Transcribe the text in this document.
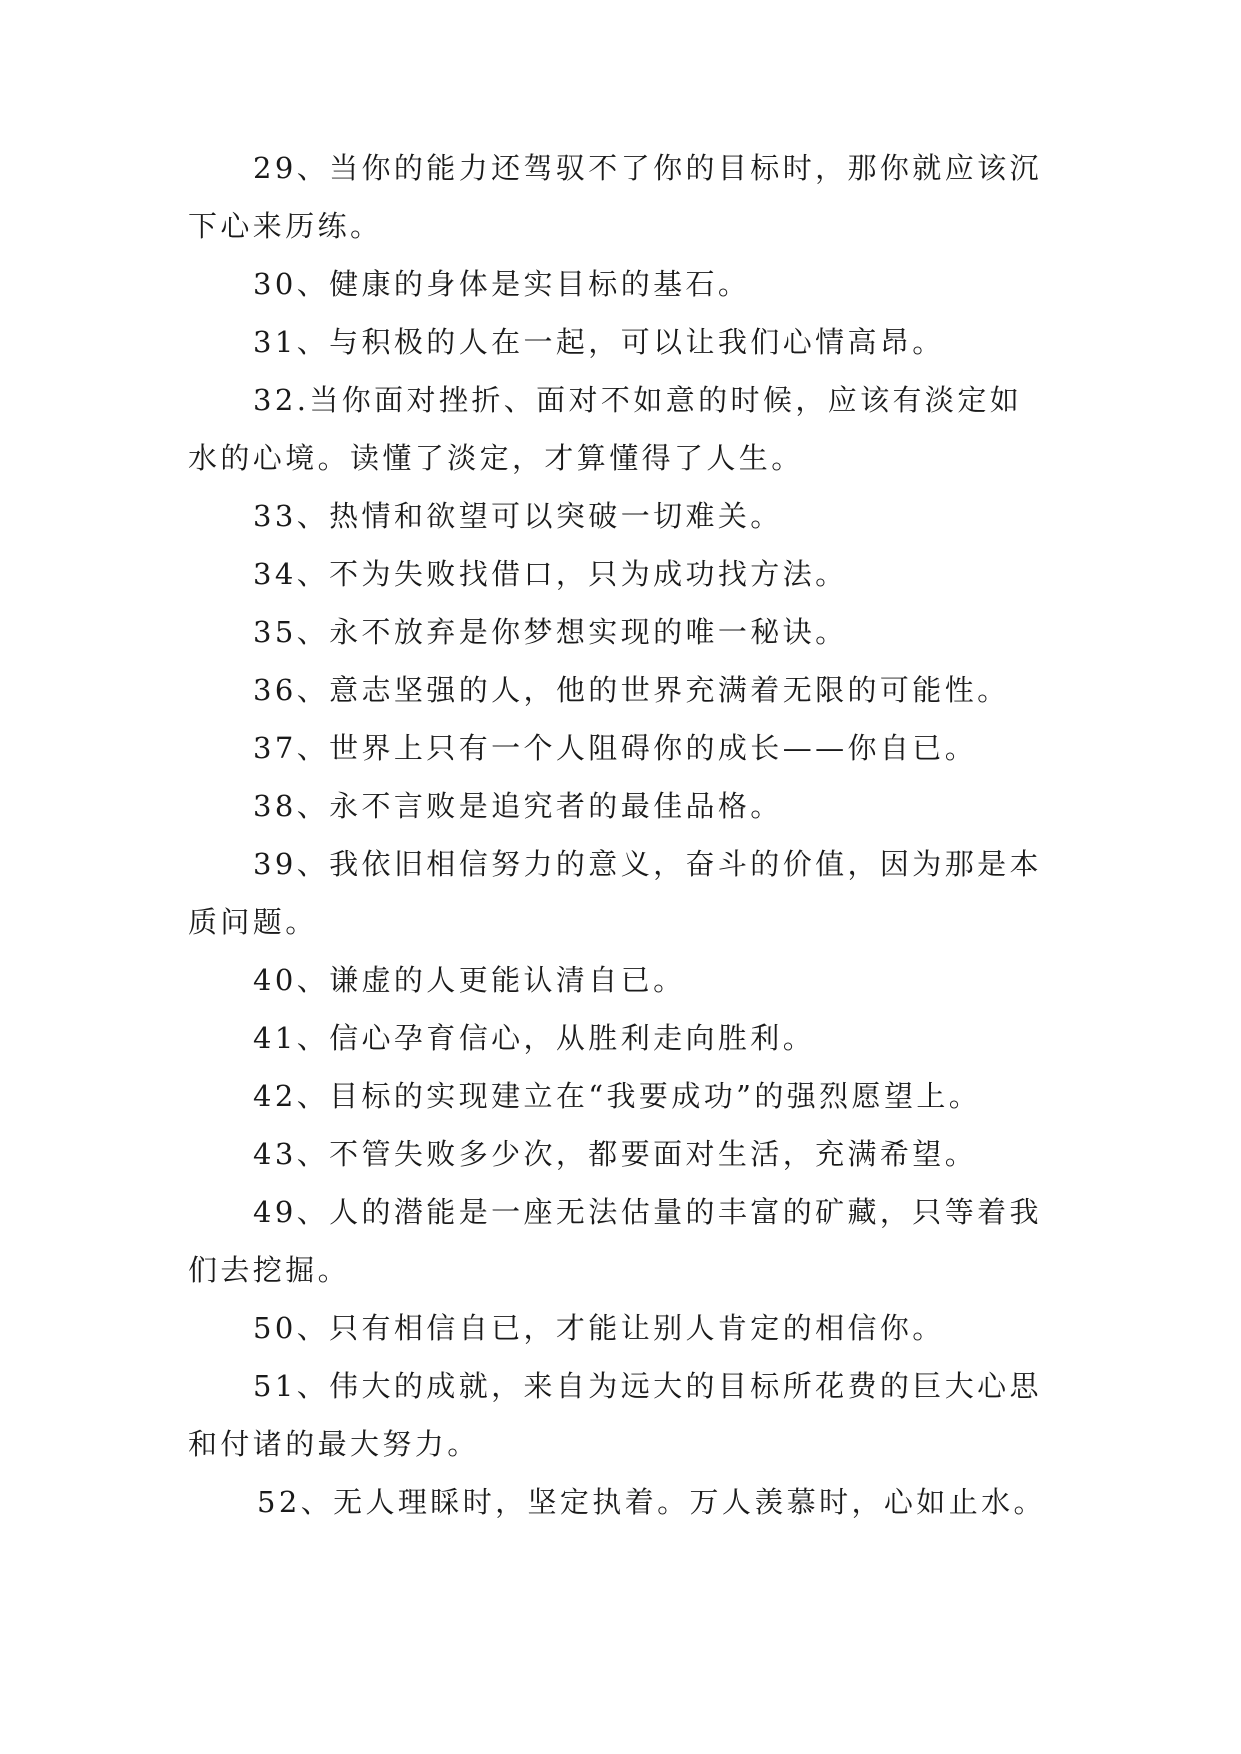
29、当你的能力还驾驭不了你的目标时，那你就应该沉

下心来历练。

30、健康的身体是实目标的基石。

31、与积极的人在一起，可以让我们心情高昂。

32.当你面对挫折、面对不如意的时候，应该有淡定如

水的心境。读懂了淡定，才算懂得了人生。

33、热情和欲望可以突破一切难关。

34、不为失败找借口，只为成功找方法。

35、永不放弃是你梦想实现的唯一秘诀。

36、意志坚强的人，他的世界充满着无限的可能性。

37、世界上只有一个人阻碍你的成长——你自已。

38、永不言败是追究者的最佳品格。

39、我依旧相信努力的意义，奋斗的价值，因为那是本

质问题。

40、谦虚的人更能认清自已。

41、信心孕育信心，从胜利走向胜利。

42、目标的实现建立在“我要成功”的强烈愿望上。

43、不管失败多少次，都要面对生活，充满希望。

49、人的潜能是一座无法估量的丰富的矿藏，只等着我

们去挖掘。

50、只有相信自已，才能让别人肯定的相信你。

51、伟大的成就，来自为远大的目标所花费的巨大心思

和付诸的最大努力。

52、无人理睬时，坚定执着。万人羡慕时，心如止水。
